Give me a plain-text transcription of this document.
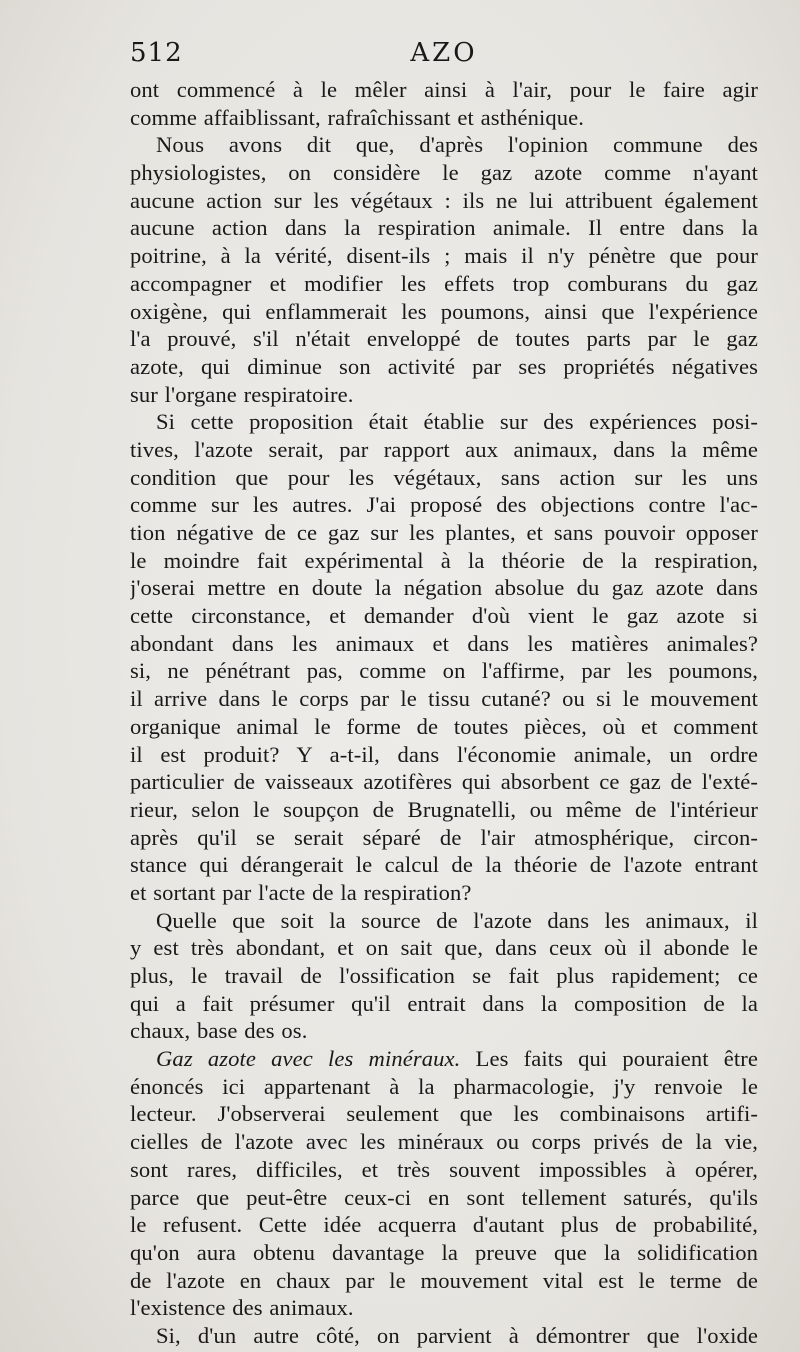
512	AZO
ont commencé à le mêler ainsi à l'air, pour le faire agir
comme affaiblissant, rafraîchissant et asthénique.
Nous avons dit que, d'après l'opinion commune des
physiologistes, on considère le gaz azote comme n'ayant
aucune action sur les végétaux : ils ne lui attribuent également
aucune action dans la respiration animale. Il entre dans la
poitrine, à la vérité, disent-ils ; mais il n'y pénètre que pour
accompagner et modifier les effets trop comburans du gaz
oxigène, qui enflammerait les poumons, ainsi que l'expérience
l'a prouvé, s'il n'était enveloppé de toutes parts par le gaz
azote, qui diminue son activité par ses propriétés négatives
sur l'organe respiratoire.
Si cette proposition était établie sur des expériences posi-
tives, l'azote serait, par rapport aux animaux, dans la même
condition que pour les végétaux, sans action sur les uns
comme sur les autres. J'ai proposé des objections contre l'ac-
tion négative de ce gaz sur les plantes, et sans pouvoir opposer
le moindre fait expérimental à la théorie de la respiration,
j'oserai mettre en doute la négation absolue du gaz azote dans
cette circonstance, et demander d'où vient le gaz azote si
abondant dans les animaux et dans les matières animales?
si, ne pénétrant pas, comme on l'affirme, par les poumons,
il arrive dans le corps par le tissu cutané? ou si le mouvement
organique animal le forme de toutes pièces, où et comment
il est produit? Y a-t-il, dans l'économie animale, un ordre
particulier de vaisseaux azotifères qui absorbent ce gaz de l'exté-
rieur, selon le soupçon de Brugnatelli, ou même de l'intérieur
après qu'il se serait séparé de l'air atmosphérique, circon-
stance qui dérangerait le calcul de la théorie de l'azote entrant
et sortant par l'acte de la respiration?
Quelle que soit la source de l'azote dans les animaux, il
y est très abondant, et on sait que, dans ceux où il abonde le
plus, le travail de l'ossification se fait plus rapidement; ce
qui a fait présumer qu'il entrait dans la composition de la
chaux, base des os.
Gaz azote avec les minéraux. Les faits qui pouraient être
énoncés ici appartenant à la pharmacologie, j'y renvoie le
lecteur. J'observerai seulement que les combinaisons artifi-
cielles de l'azote avec les minéraux ou corps privés de la vie,
sont rares, difficiles, et très souvent impossibles à opérer,
parce que peut-être ceux-ci en sont tellement saturés, qu'ils
le refusent. Cette idée acquerra d'autant plus de probabilité,
qu'on aura obtenu davantage la preuve que la solidification
de l'azote en chaux par le mouvement vital est le terme de
l'existence des animaux.
Si, d'un autre côté, on parvient à démontrer que l'oxide
